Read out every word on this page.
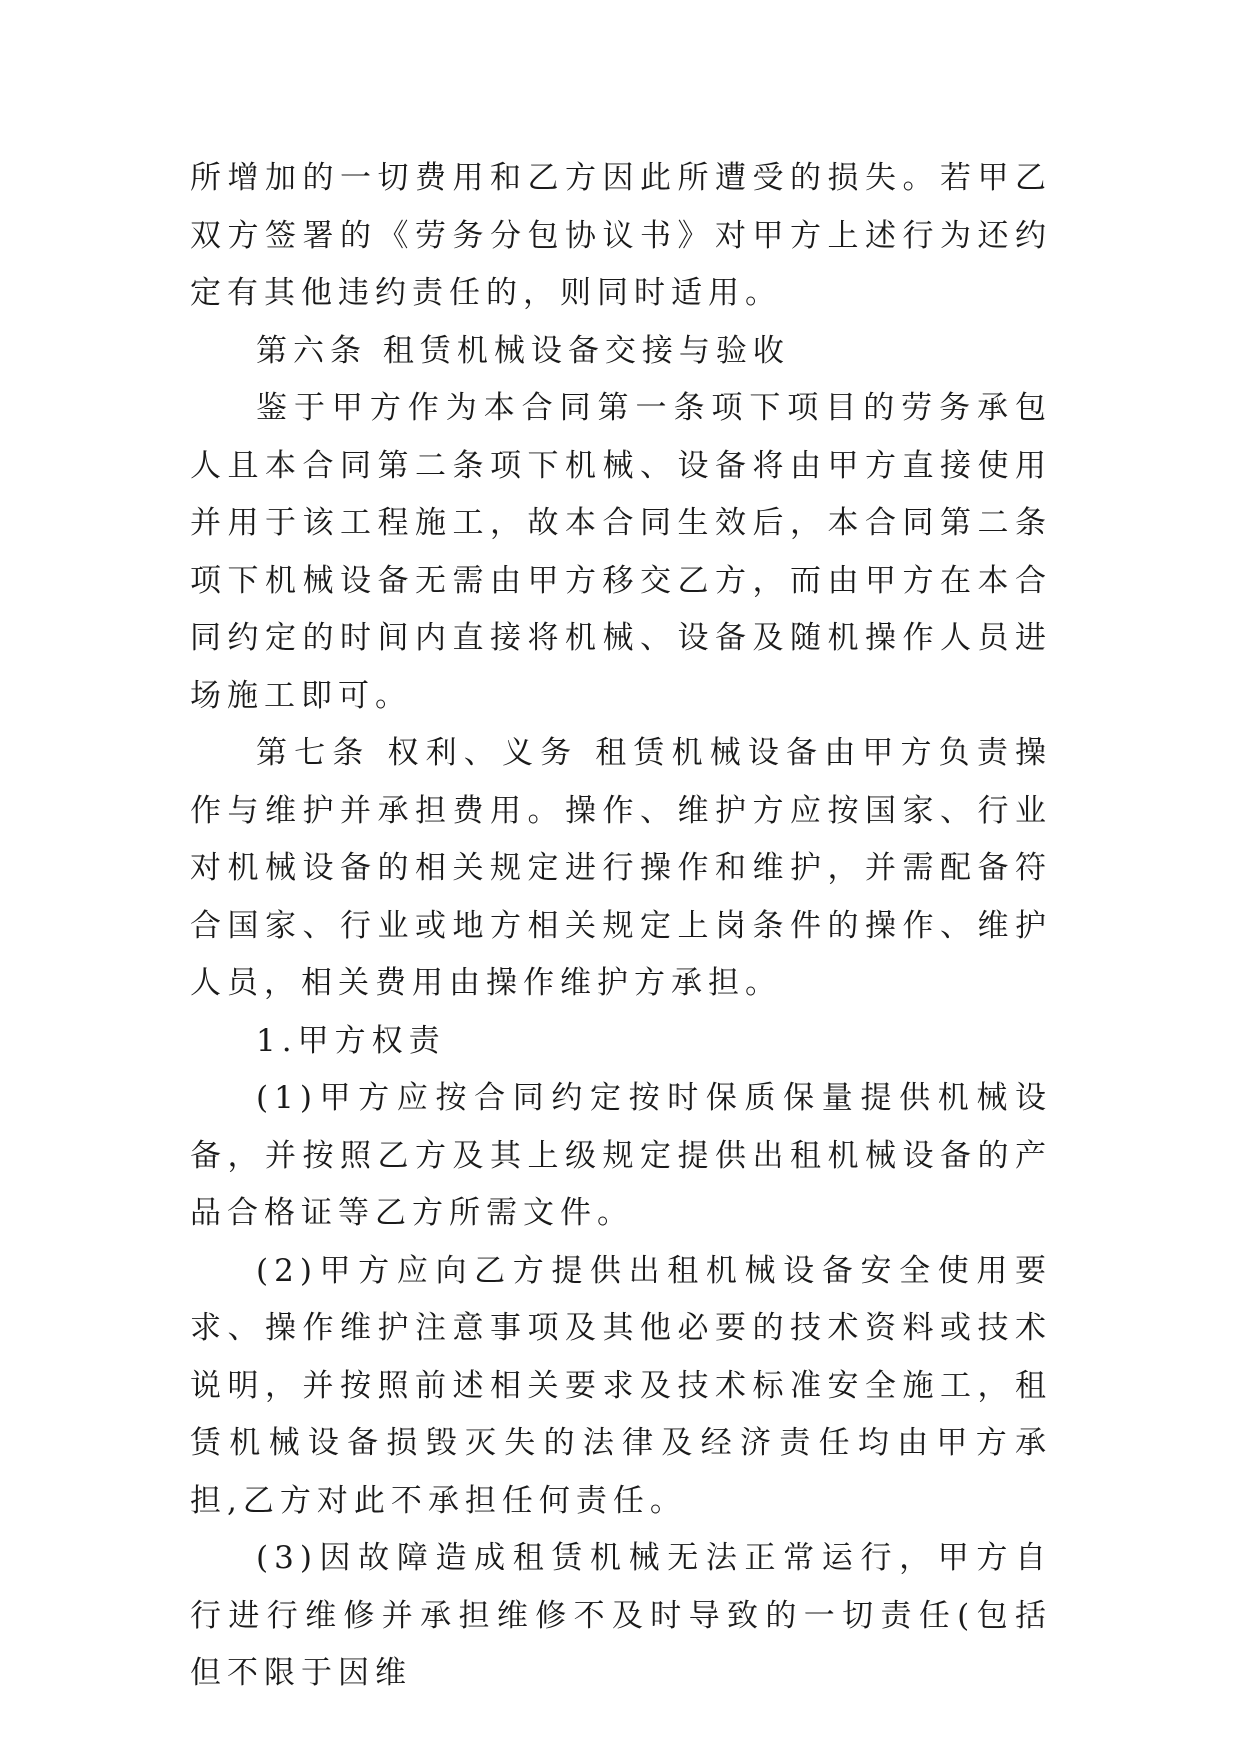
所增加的一切费用和乙方因此所遭受的损失。若甲乙双方签署的《劳务分包协议书》对甲方上述行为还约定有其他违约责任的，则同时适用。

第六条 租赁机械设备交接与验收

鉴于甲方作为本合同第一条项下项目的劳务承包人且本合同第二条项下机械、设备将由甲方直接使用并用于该工程施工，故本合同生效后，本合同第二条项下机械设备无需由甲方移交乙方，而由甲方在本合同约定的时间内直接将机械、设备及随机操作人员进场施工即可。

第七条 权利、义务 租赁机械设备由甲方负责操作与维护并承担费用。操作、维护方应按国家、行业对机械设备的相关规定进行操作和维护，并需配备符合国家、行业或地方相关规定上岗条件的操作、维护人员，相关费用由操作维护方承担。

1.甲方权责

(1)甲方应按合同约定按时保质保量提供机械设备，并按照乙方及其上级规定提供出租机械设备的产品合格证等乙方所需文件。

(2)甲方应向乙方提供出租机械设备安全使用要求、操作维护注意事项及其他必要的技术资料或技术说明，并按照前述相关要求及技术标准安全施工，租赁机械设备损毁灭失的法律及经济责任均由甲方承担,乙方对此不承担任何责任。

(3)因故障造成租赁机械无法正常运行，甲方自行进行维修并承担维修不及时导致的一切责任(包括但不限于因维
